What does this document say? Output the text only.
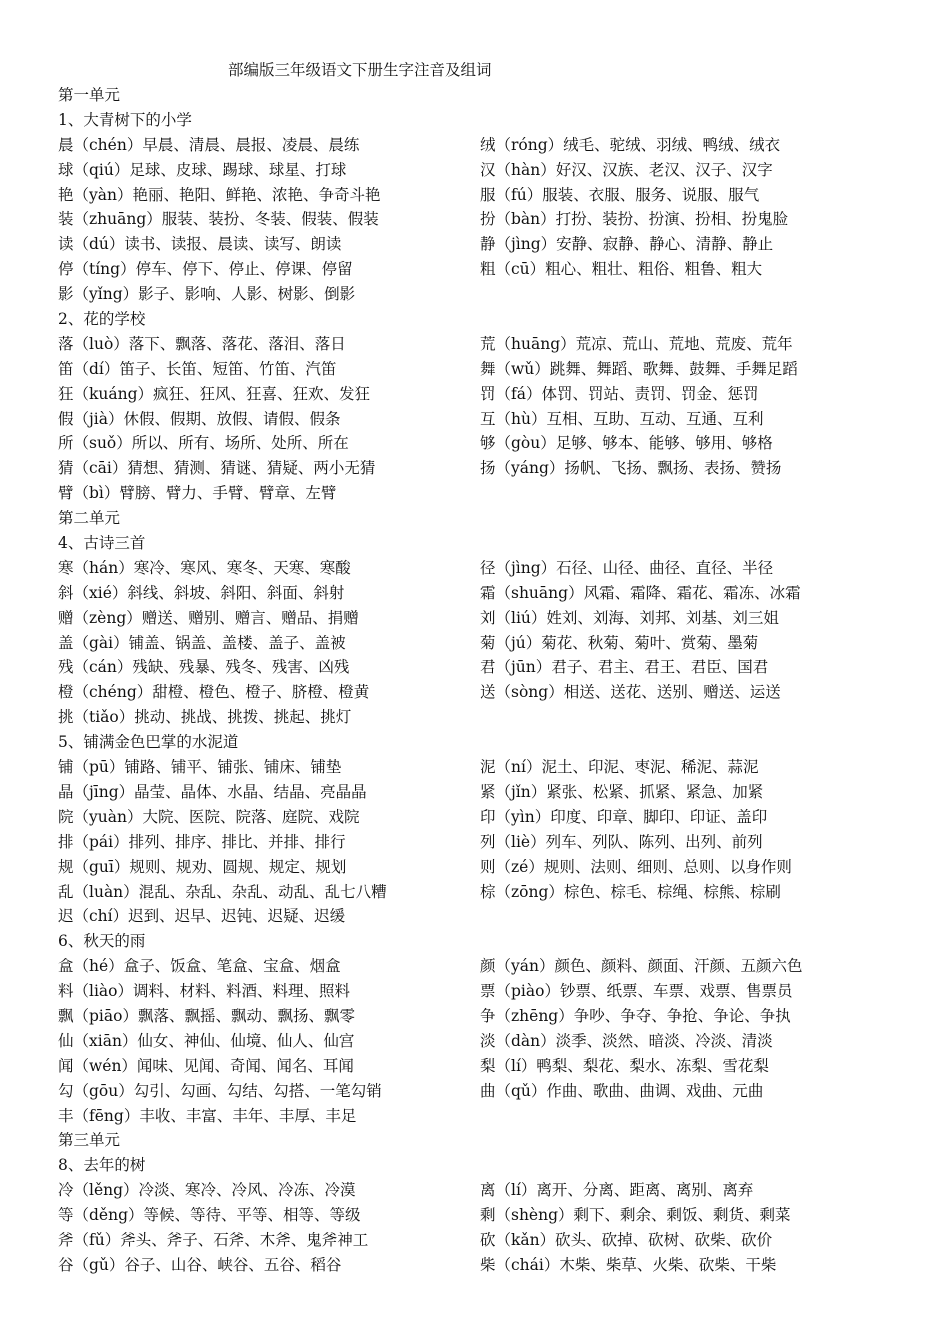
部编版三年级语文下册生字注音及组词
第一单元
1、大青树下的小学
晨（chén）早晨、清晨、晨报、凌晨、晨练	绒（róng）绒毛、驼绒、羽绒、鸭绒、绒衣
球（qiú）足球、皮球、踢球、球星、打球	汉（hàn）好汉、汉族、老汉、汉子、汉字
艳（yàn）艳丽、艳阳、鲜艳、浓艳、争奇斗艳	服（fú）服装、衣服、服务、说服、服气
装（zhuāng）服装、装扮、冬装、假装、假装	扮（bàn）打扮、装扮、扮演、扮相、扮鬼脸
读（dú）读书、读报、晨读、读写、朗读	静（jìng）安静、寂静、静心、清静、静止
停（tíng）停车、停下、停止、停课、停留	粗（cū）粗心、粗壮、粗俗、粗鲁、粗大
影（yǐng）影子、影响、人影、树影、倒影
2、花的学校
落（luò）落下、飘落、落花、落泪、落日	荒（huāng）荒凉、荒山、荒地、荒废、荒年
笛（dí）笛子、长笛、短笛、竹笛、汽笛	舞（wǔ）跳舞、舞蹈、歌舞、鼓舞、手舞足蹈
狂（kuáng）疯狂、狂风、狂喜、狂欢、发狂	罚（fá）体罚、罚站、责罚、罚金、惩罚
假（jià）休假、假期、放假、请假、假条	互（hù）互相、互助、互动、互通、互利
所（suǒ）所以、所有、场所、处所、所在	够（gòu）足够、够本、能够、够用、够格
猜（cāi）猜想、猜测、猜谜、猜疑、两小无猜	扬（yáng）扬帆、飞扬、飘扬、表扬、赞扬
臂（bì）臂膀、臂力、手臂、臂章、左臂
第二单元
4、古诗三首
寒（hán）寒冷、寒风、寒冬、天寒、寒酸	径（jìng）石径、山径、曲径、直径、半径
斜（xié）斜线、斜坡、斜阳、斜面、斜射	霜（shuāng）风霜、霜降、霜花、霜冻、冰霜
赠（zèng）赠送、赠别、赠言、赠品、捐赠	刘（liú）姓刘、刘海、刘邦、刘基、刘三姐
盖（gài）铺盖、锅盖、盖楼、盖子、盖被	菊（jú）菊花、秋菊、菊叶、赏菊、墨菊
残（cán）残缺、残暴、残冬、残害、凶残	君（jūn）君子、君主、君王、君臣、国君
橙（chéng）甜橙、橙色、橙子、脐橙、橙黄	送（sòng）相送、送花、送别、赠送、运送
挑（tiǎo）挑动、挑战、挑拨、挑起、挑灯
5、铺满金色巴掌的水泥道
铺（pū）铺路、铺平、铺张、铺床、铺垫	泥（ní）泥土、印泥、枣泥、稀泥、蒜泥
晶（jīng）晶莹、晶体、水晶、结晶、亮晶晶	紧（jǐn）紧张、松紧、抓紧、紧急、加紧
院（yuàn）大院、医院、院落、庭院、戏院	印（yìn）印度、印章、脚印、印证、盖印
排（pái）排列、排序、排比、并排、排行	列（liè）列车、列队、陈列、出列、前列
规（guī）规则、规劝、圆规、规定、规划	则（zé）规则、法则、细则、总则、以身作则
乱（luàn）混乱、杂乱、杂乱、动乱、乱七八糟	棕（zōng）棕色、棕毛、棕绳、棕熊、棕刷
迟（chí）迟到、迟早、迟钝、迟疑、迟缓
6、秋天的雨
盒（hé）盒子、饭盒、笔盒、宝盒、烟盒	颜（yán）颜色、颜料、颜面、汗颜、五颜六色
料（liào）调料、材料、料酒、料理、照料	票（piào）钞票、纸票、车票、戏票、售票员
飘（piāo）飘落、飘摇、飘动、飘扬、飘零	争（zhēng）争吵、争夺、争抢、争论、争执
仙（xiān）仙女、神仙、仙境、仙人、仙宫	淡（dàn）淡季、淡然、暗淡、冷淡、清淡
闻（wén）闻味、见闻、奇闻、闻名、耳闻	梨（lí）鸭梨、梨花、梨水、冻梨、雪花梨
勾（gōu）勾引、勾画、勾结、勾搭、一笔勾销	曲（qǔ）作曲、歌曲、曲调、戏曲、元曲
丰（fēng）丰收、丰富、丰年、丰厚、丰足
第三单元
8、去年的树
冷（lěng）冷淡、寒冷、冷风、冷冻、冷漠	离（lí）离开、分离、距离、离别、离弃
等（děng）等候、等待、平等、相等、等级	剩（shèng）剩下、剩余、剩饭、剩货、剩菜
斧（fǔ）斧头、斧子、石斧、木斧、鬼斧神工	砍（kǎn）砍头、砍掉、砍树、砍柴、砍价
谷（gǔ）谷子、山谷、峡谷、五谷、稻谷	柴（chái）木柴、柴草、火柴、砍柴、干柴
